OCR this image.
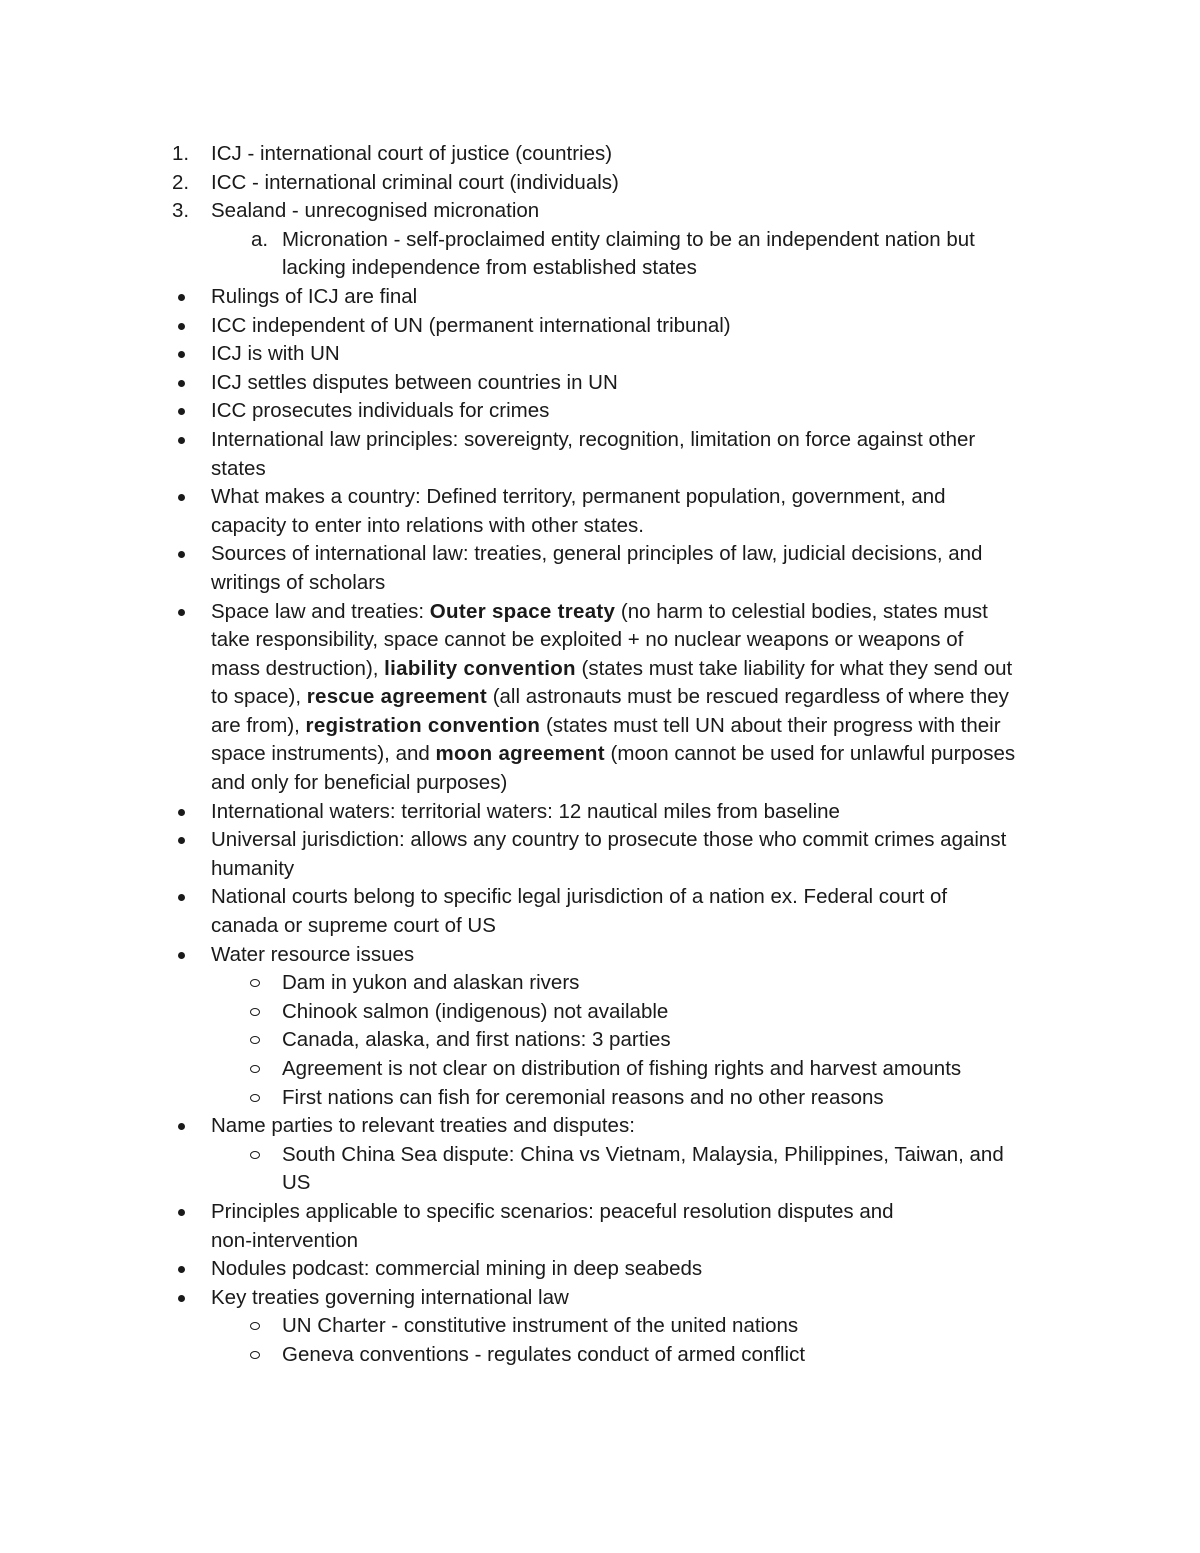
1. ICJ - international court of justice (countries)
2. ICC - international criminal court (individuals)
3. Sealand - unrecognised micronation
a. Micronation - self-proclaimed entity claiming to be an independent nation but
lacking independence from established states
Rulings of ICJ are final
ICC independent of UN (permanent international tribunal)
ICJ is with UN
ICJ settles disputes between countries in UN
ICC prosecutes individuals for crimes
International law principles: sovereignty, recognition, limitation on force against other
states
What makes a country: Defined territory, permanent population, government, and
capacity to enter into relations with other states.
Sources of international law: treaties, general principles of law, judicial decisions, and
writings of scholars
Space law and treaties: Outer space treaty (no harm to celestial bodies, states must
take responsibility, space cannot be exploited + no nuclear weapons or weapons of
mass destruction), liability convention (states must take liability for what they send out
to space), rescue agreement (all astronauts must be rescued regardless of where they
are from), registration convention (states must tell UN about their progress with their
space instruments), and moon agreement (moon cannot be used for unlawful purposes
and only for beneficial purposes)
International waters: territorial waters: 12 nautical miles from baseline
Universal jurisdiction: allows any country to prosecute those who commit crimes against
humanity
National courts belong to specific legal jurisdiction of a nation ex. Federal court of
canada or supreme court of US
Water resource issues
Dam in yukon and alaskan rivers
Chinook salmon (indigenous) not available
Canada, alaska, and first nations: 3 parties
Agreement is not clear on distribution of fishing rights and harvest amounts
First nations can fish for ceremonial reasons and no other reasons
Name parties to relevant treaties and disputes:
South China Sea dispute: China vs Vietnam, Malaysia, Philippines, Taiwan, and
US
Principles applicable to specific scenarios: peaceful resolution disputes and
non-intervention
Nodules podcast: commercial mining in deep seabeds
Key treaties governing international law
UN Charter - constitutive instrument of the united nations
Geneva conventions - regulates conduct of armed conflict
